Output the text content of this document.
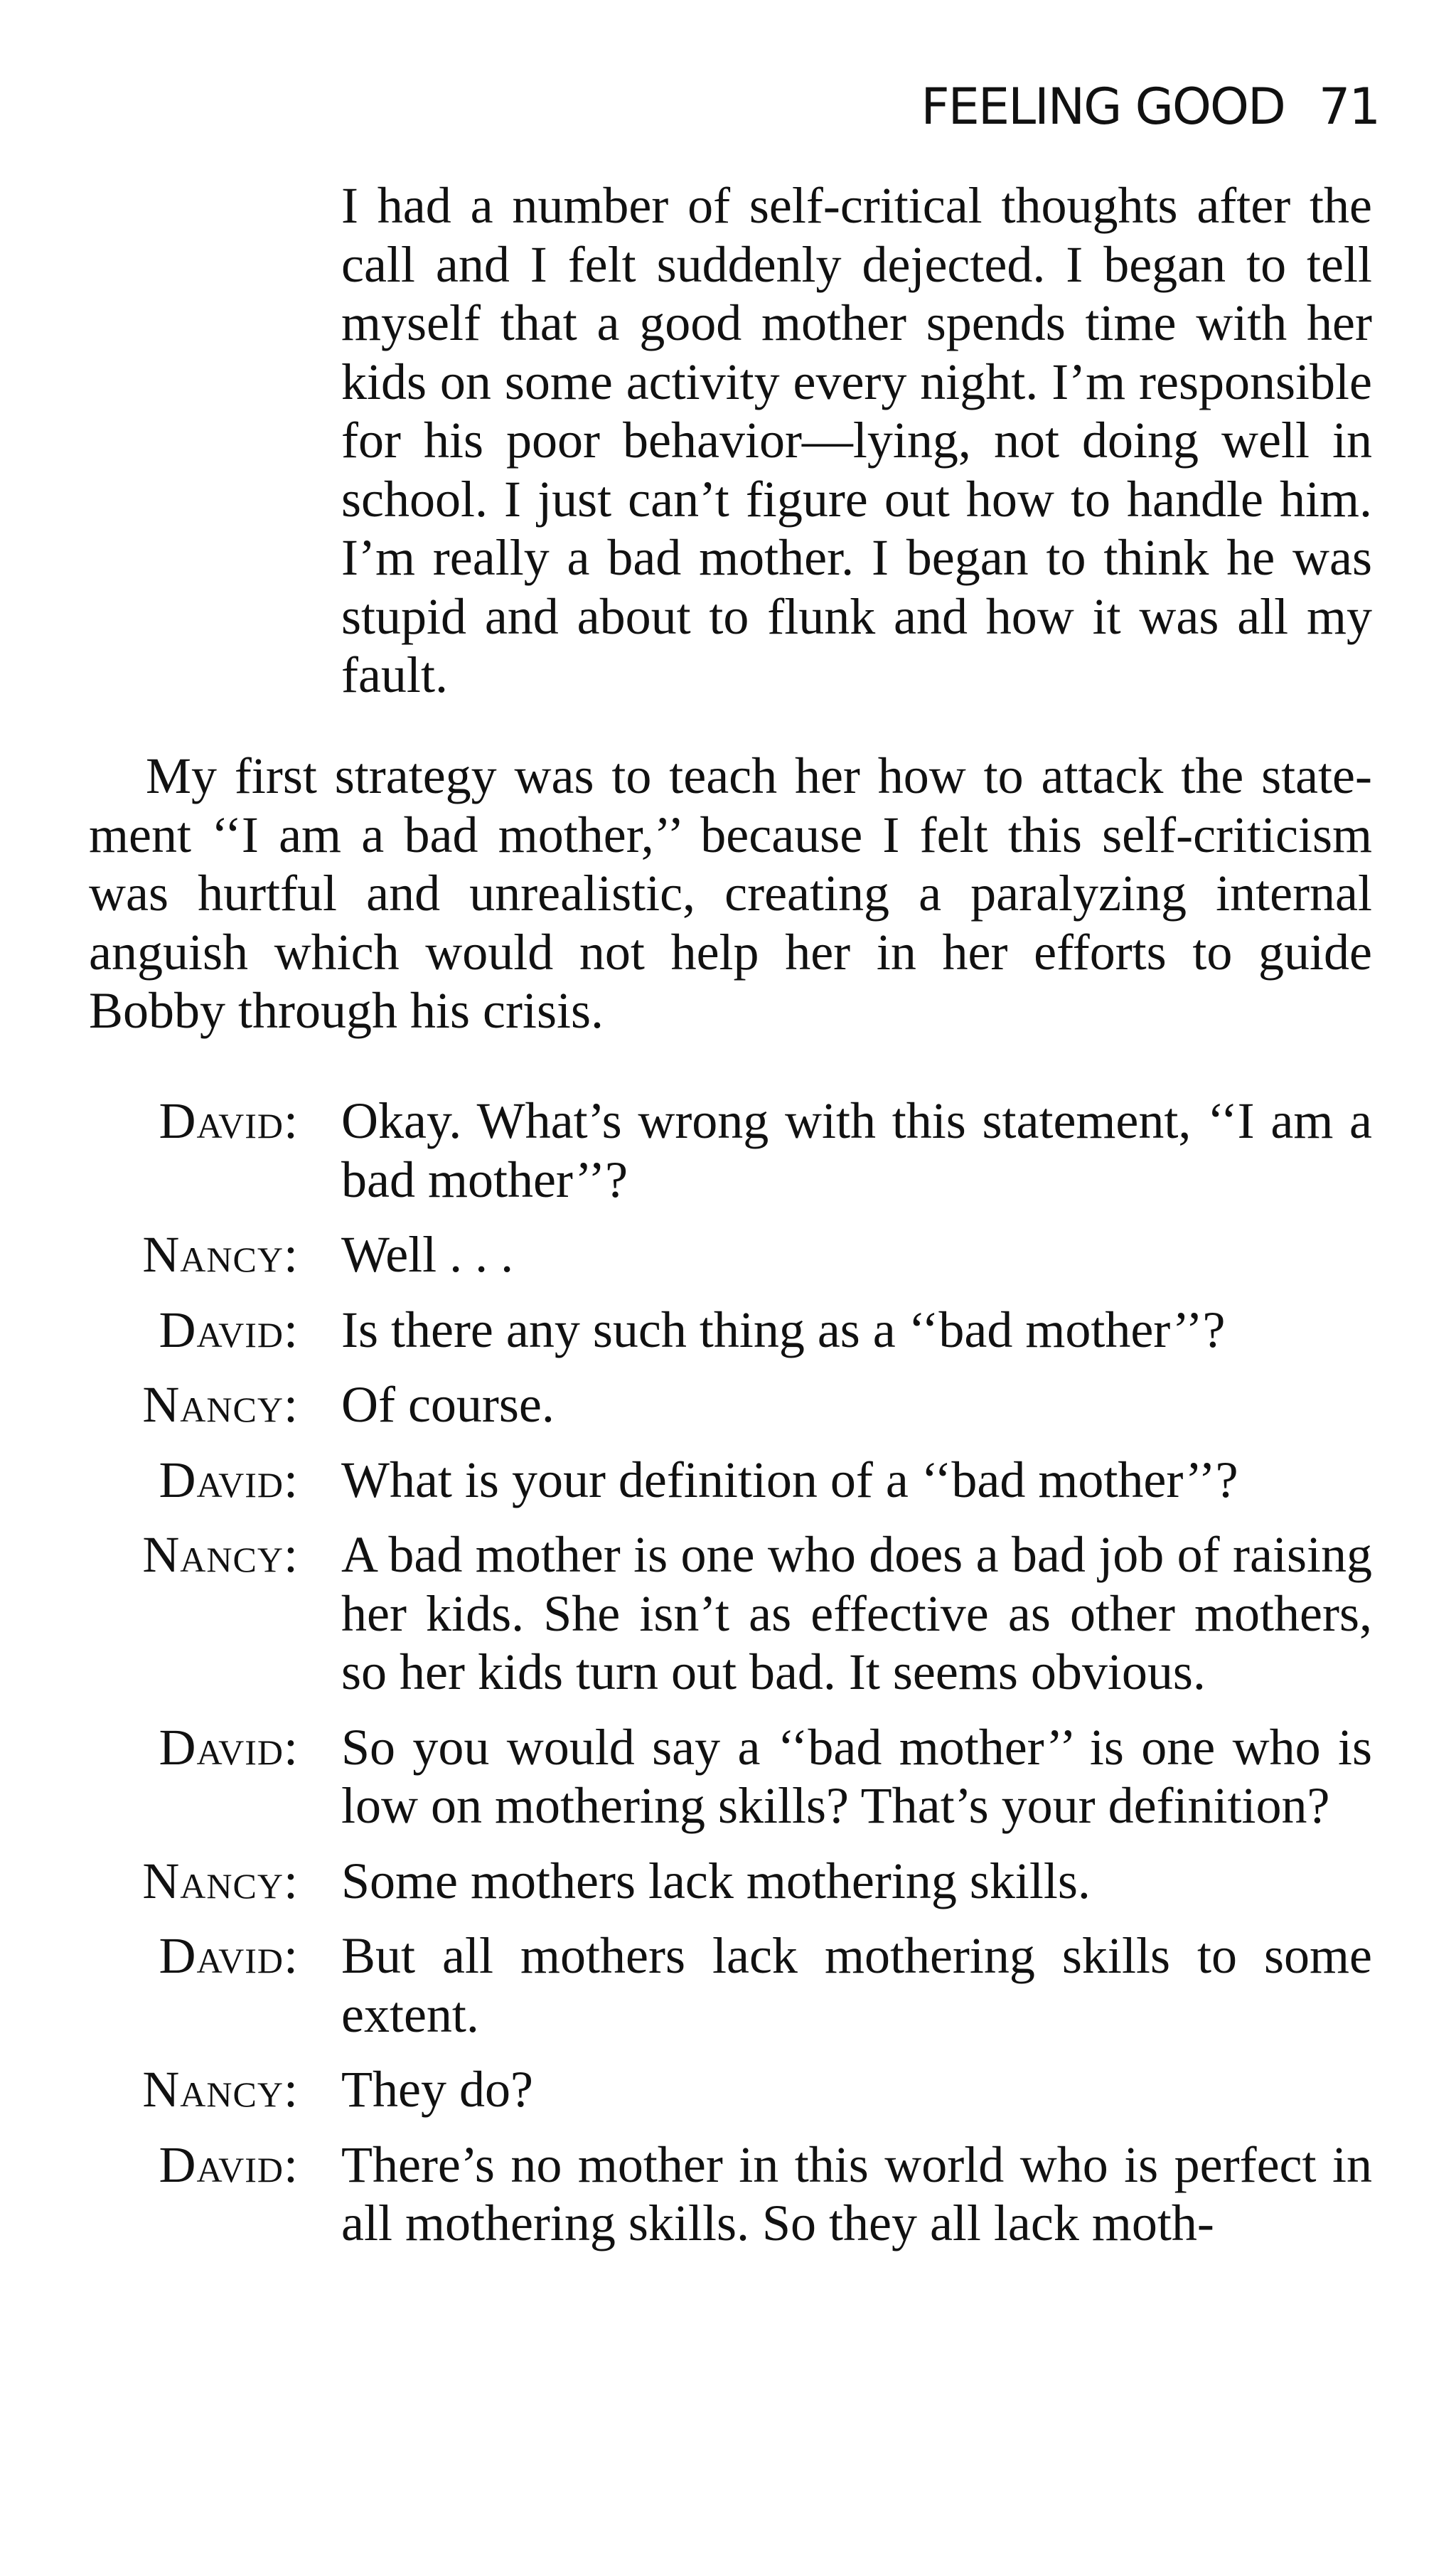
FEELING GOOD 71
I had a number of self-critical thoughts after the call and I felt suddenly dejected. I began to tell myself that a good mother spends time with her kids on some activity every night. I’m responsible for his poor behavior—lying, not doing well in school. I just can’t figure out how to handle him. I’m really a bad mother. I began to think he was stupid and about to flunk and how it was all my fault.
My first strategy was to teach her how to attack the statement ‘‘I am a bad mother,’’ because I felt this self-criticism was hurtful and unrealistic, creating a paralyzing internal anguish which would not help her in her efforts to guide Bobby through his crisis.
David: Okay. What’s wrong with this statement, ‘‘I am a bad mother’’?
Nancy: Well . . .
David: Is there any such thing as a ‘‘bad mother’’?
Nancy: Of course.
David: What is your definition of a ‘‘bad mother’’?
Nancy: A bad mother is one who does a bad job of raising her kids. She isn’t as effective as other mothers, so her kids turn out bad. It seems obvious.
David: So you would say a ‘‘bad mother’’ is one who is low on mothering skills? That’s your definition?
Nancy: Some mothers lack mothering skills.
David: But all mothers lack mothering skills to some extent.
Nancy: They do?
David: There’s no mother in this world who is perfect in all mothering skills. So they all lack moth-
